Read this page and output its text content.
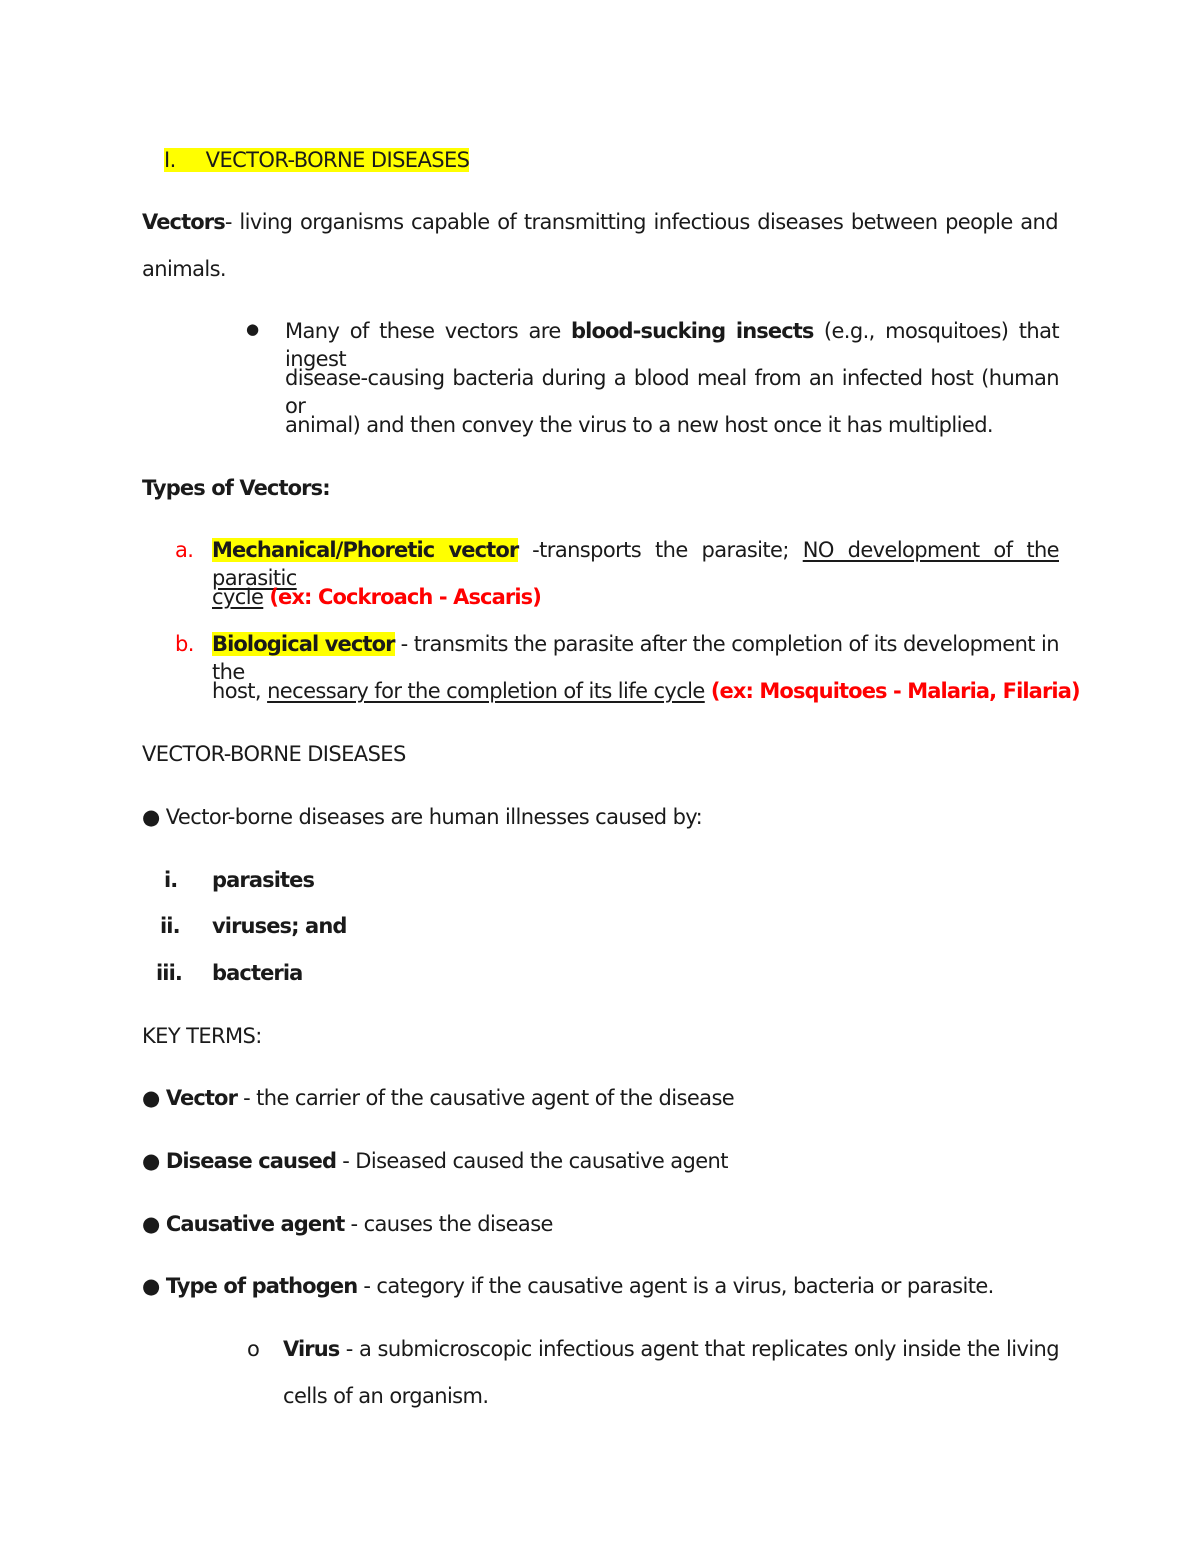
I. VECTOR-BORNE DISEASES
Vectors- living organisms capable of transmitting infectious diseases between people and
animals.
● Many of these vectors are blood-sucking insects (e.g., mosquitoes) that ingest
disease-causing bacteria during a blood meal from an infected host (human or
animal) and then convey the virus to a new host once it has multiplied.
Types of Vectors:
a. Mechanical/Phoretic vector -transports the parasite; NO development of the parasitic
cycle (ex: Cockroach - Ascaris)
b. Biological vector - transmits the parasite after the completion of its development in the
host, necessary for the completion of its life cycle (ex: Mosquitoes - Malaria, Filaria)
VECTOR-BORNE DISEASES
● Vector-borne diseases are human illnesses caused by:
i. parasites
ii. viruses; and
iii. bacteria
KEY TERMS:
● Vector - the carrier of the causative agent of the disease
● Disease caused - Diseased caused the causative agent
● Causative agent - causes the disease
● Type of pathogen - category if the causative agent is a virus, bacteria or parasite.
o Virus - a submicroscopic infectious agent that replicates only inside the living
cells of an organism.
